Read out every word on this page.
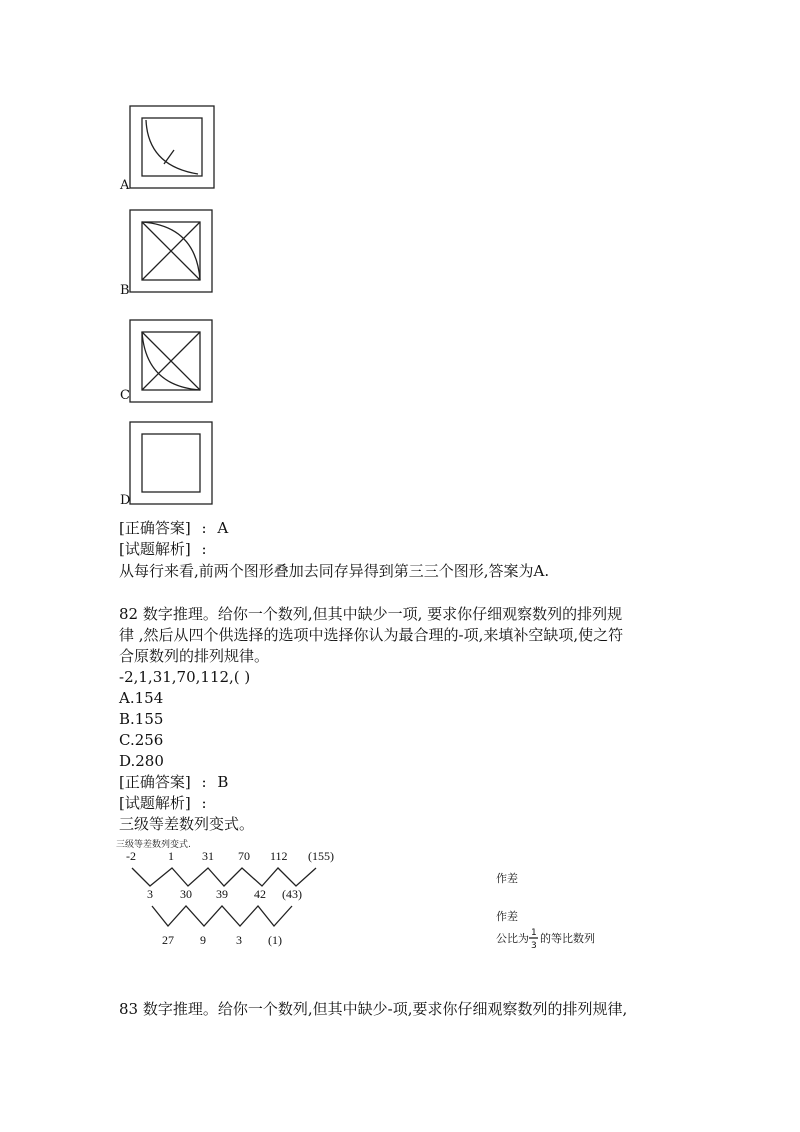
A
B
C
D
[正确答案] : A
[试题解析] :
从每行来看,前两个图形叠加去同存异得到第三三个图形,答案为A.
82 数字推理。给你一个数列,但其中缺少一项, 要求你仔细观察数列的排列规
律 ,然后从四个供选择的选项中选择你认为最合理的-项,来填补空缺项,使之符
合原数列的排列规律。
-2,1,31,70,112,( )
A.154
B.155
C.256
D.280
[正确答案] : B
[试题解析] :
三级等差数列变式。
三级等差数列变式.
-2	1 31 70 112 (155)
3 30 39 42 (43)
27 9	3 (1)
作差
作差
公比为 1
3
的等比数列
83 数字推理。给你一个数列,但其中缺少-项,要求你仔细观察数列的排列规律,
